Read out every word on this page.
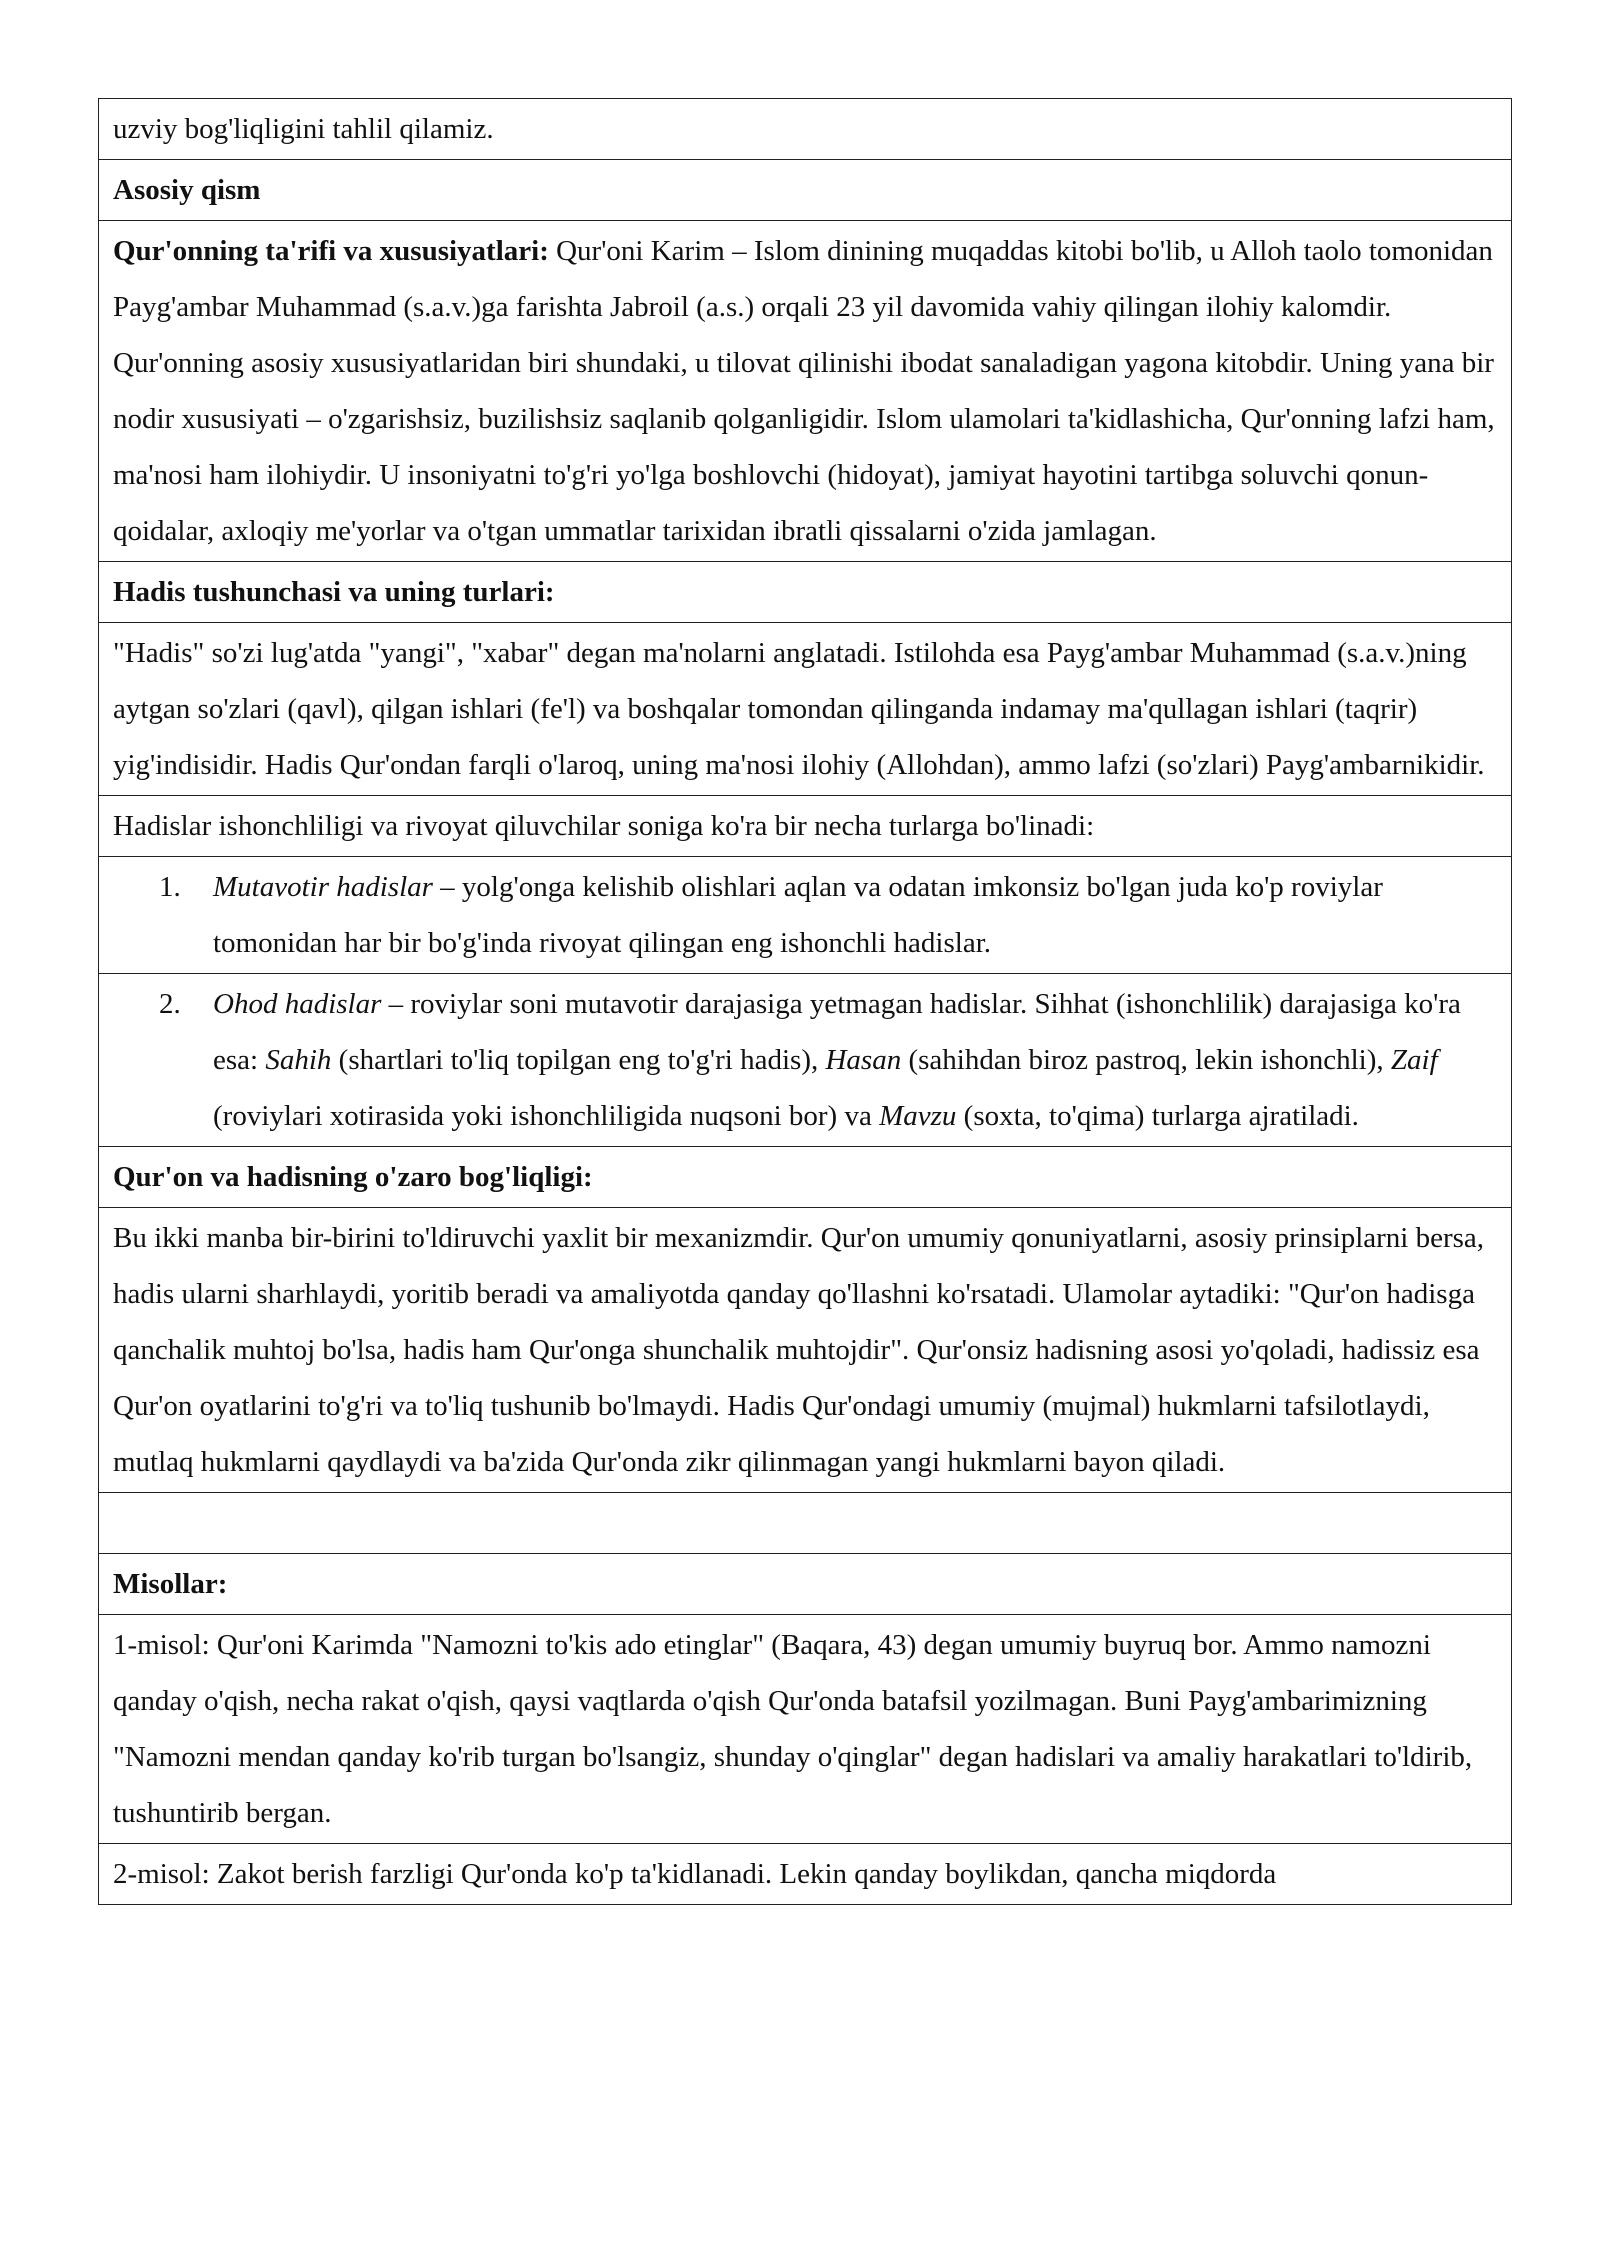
uzviy bog'liqligini tahlil qilamiz.
Asosiy qism
Qur'onning ta'rifi va xususiyatlari: Qur'oni Karim – Islom dinining muqaddas kitobi bo'lib, u Alloh taolo tomonidan Payg'ambar Muhammad (s.a.v.)ga farishta Jabroil (a.s.) orqali 23 yil davomida vahiy qilingan ilohiy kalomdir. Qur'onning asosiy xususiyatlaridan biri shundaki, u tilovat qilinishi ibodat sanaladigan yagona kitobdir. Uning yana bir nodir xususiyati – o'zgarishsiz, buzilishsiz saqlanib qolganligidir. Islom ulamolari ta'kidlashicha, Qur'onning lafzi ham, ma'nosi ham ilohiydir. U insoniyatni to'g'ri yo'lga boshlovchi (hidoyat), jamiyat hayotini tartibga soluvchi qonun-qoidalar, axloqiy me'yorlar va o'tgan ummatlar tarixidan ibratli qissalarni o'zida jamlagan.
Hadis tushunchasi va uning turlari:
"Hadis" so'zi lug'atda "yangi", "xabar" degan ma'nolarni anglatadi. Istilohda esa Payg'ambar Muhammad (s.a.v.)ning aytgan so'zlari (qavl), qilgan ishlari (fe'l) va boshqalar tomondan qilinganda indamay ma'qullagan ishlari (taqrir) yig'indisidir. Hadis Qur'ondan farqli o'laroq, uning ma'nosi ilohiy (Allohdan), ammo lafzi (so'zlari) Payg'ambarnikidir.
Hadislar ishonchliligi va rivoyat qiluvchilar soniga ko'ra bir necha turlarga bo'linadi:

1.	Mutavotir hadislar – yolg'onga kelishib olishlari aqlan va odatan imkonsiz bo'lgan juda ko'p roviylar tomonidan har bir bo'g'inda rivoyat qilingan eng ishonchli hadislar.

2.	Ohod hadislar – roviylar soni mutavotir darajasiga yetmagan hadislar. Sihhat (ishonchlilik) darajasiga ko'ra esa: Sahih (shartlari to'liq topilgan eng to'g'ri hadis), Hasan (sahihdan biroz pastroq, lekin ishonchli), Zaif (roviylari xotirasida yoki ishonchliligida nuqsoni bor) va Mavzu (soxta, to'qima) turlarga ajratiladi.

Qur'on va hadisning o'zaro bog'liqligi:
Bu ikki manba bir-birini to'ldiruvchi yaxlit bir mexanizmdir. Qur'on umumiy qonuniyatlarni, asosiy prinsiplarni bersa, hadis ularni sharhlaydi, yoritib beradi va amaliyotda qanday qo'llashni ko'rsatadi. Ulamolar aytadiki: "Qur'on hadisga qanchalik muhtoj bo'lsa, hadis ham Qur'onga shunchalik muhtojdir". Qur'onsiz hadisning asosi yo'qoladi, hadissiz esa Qur'on oyatlarini to'g'ri va to'liq tushunib bo'lmaydi. Hadis Qur'ondagi umumiy (mujmal) hukmlarni tafsilotlaydi, mutlaq hukmlarni qaydlaydi va ba'zida Qur'onda zikr qilinmagan yangi hukmlarni bayon qiladi.

Misollar:
1-misol: Qur'oni Karimda "Namozni to'kis ado etinglar" (Baqara, 43) degan umumiy buyruq bor. Ammo namozni qanday o'qish, necha rakat o'qish, qaysi vaqtlarda o'qish Qur'onda batafsil yozilmagan. Buni Payg'ambarimizning "Namozni mendan qanday ko'rib turgan bo'lsangiz, shunday o'qinglar" degan hadislari va amaliy harakatlari to'ldirib, tushuntirib bergan.
2-misol: Zakot berish farzligi Qur'onda ko'p ta'kidlanadi. Lekin qanday boylikdan, qancha miqdorda
